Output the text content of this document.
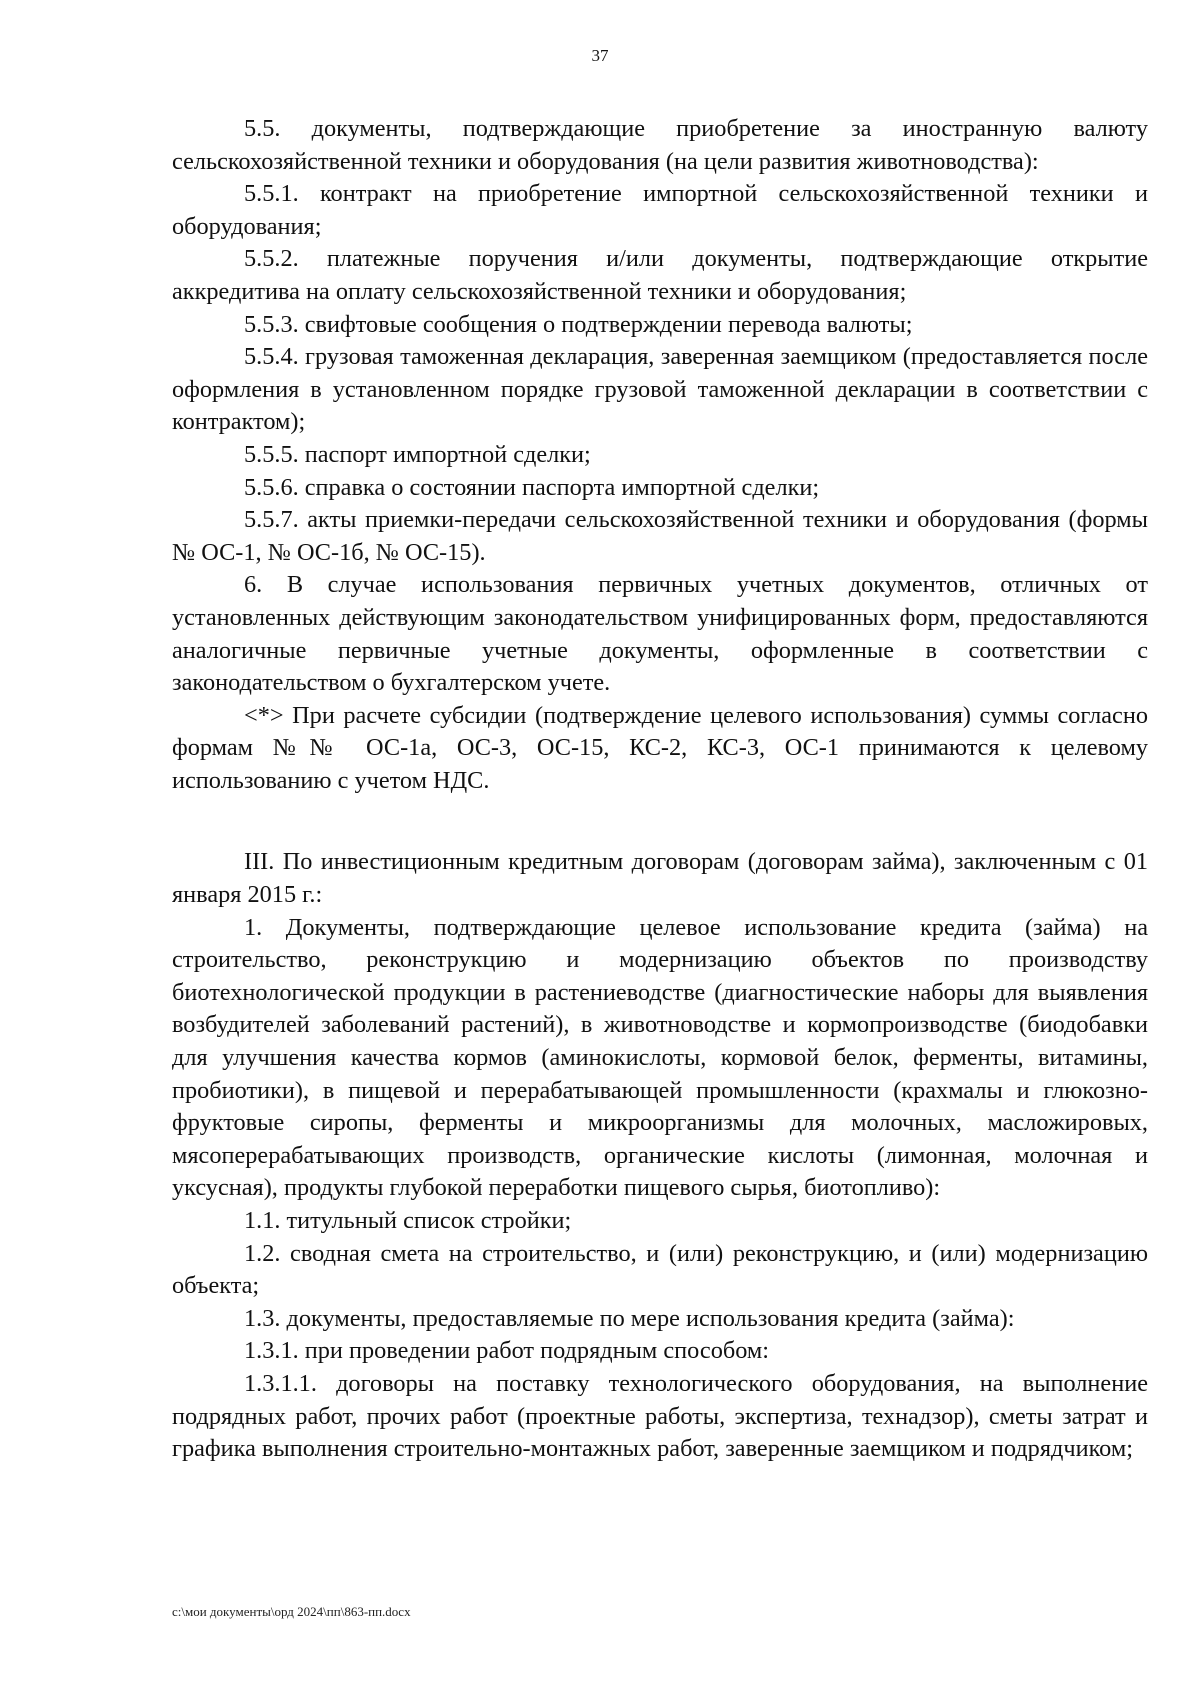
37

5.5. документы, подтверждающие приобретение за иностранную валюту сельскохозяйственной техники и оборудования (на цели развития животноводства):

5.5.1. контракт на приобретение импортной сельскохозяйственной техники и оборудования;

5.5.2. платежные поручения и/или документы, подтверждающие открытие аккредитива на оплату сельскохозяйственной техники и оборудования;

5.5.3. свифтовые сообщения о подтверждении перевода валюты;

5.5.4. грузовая таможенная декларация, заверенная заемщиком (предоставляется после оформления в установленном порядке грузовой таможенной декларации в соответствии с контрактом);

5.5.5. паспорт импортной сделки;

5.5.6. справка о состоянии паспорта импортной сделки;

5.5.7. акты приемки-передачи сельскохозяйственной техники и оборудования (формы № ОС-1, № ОС-1б, № ОС-15).

6. В случае использования первичных учетных документов, отличных от установленных действующим законодательством унифицированных форм, предоставляются аналогичные первичные учетные документы, оформленные в соответствии с законодательством о бухгалтерском учете.

<*> При расчете субсидии (подтверждение целевого использования) суммы согласно формам №№ ОС-1а, ОС-3, ОС-15, КС-2, КС-3, ОС-1 принимаются к целевому использованию с учетом НДС.

III. По инвестиционным кредитным договорам (договорам займа), заключенным с 01 января 2015 г.:

1. Документы, подтверждающие целевое использование кредита (займа) на строительство, реконструкцию и модернизацию объектов по производству биотехнологической продукции в растениеводстве (диагностические наборы для выявления возбудителей заболеваний растений), в животноводстве и кормопроизводстве (биодобавки для улучшения качества кормов (аминокислоты, кормовой белок, ферменты, витамины, пробиотики), в пищевой и перерабатывающей промышленности (крахмалы и глюкозно-фруктовые сиропы, ферменты и микроорганизмы для молочных, масложировых, мясоперерабатывающих производств, органические кислоты (лимонная, молочная и уксусная), продукты глубокой переработки пищевого сырья, биотопливо):

1.1. титульный список стройки;

1.2. сводная смета на строительство, и (или) реконструкцию, и (или) модернизацию объекта;

1.3. документы, предоставляемые по мере использования кредита (займа):

1.3.1. при проведении работ подрядным способом:

1.3.1.1. договоры на поставку технологического оборудования, на выполнение подрядных работ, прочих работ (проектные работы, экспертиза, технадзор), сметы затрат и графика выполнения строительно-монтажных работ, заверенные заемщиком и подрядчиком;

c:\мои документы\орд 2024\пп\863-пп.docx
